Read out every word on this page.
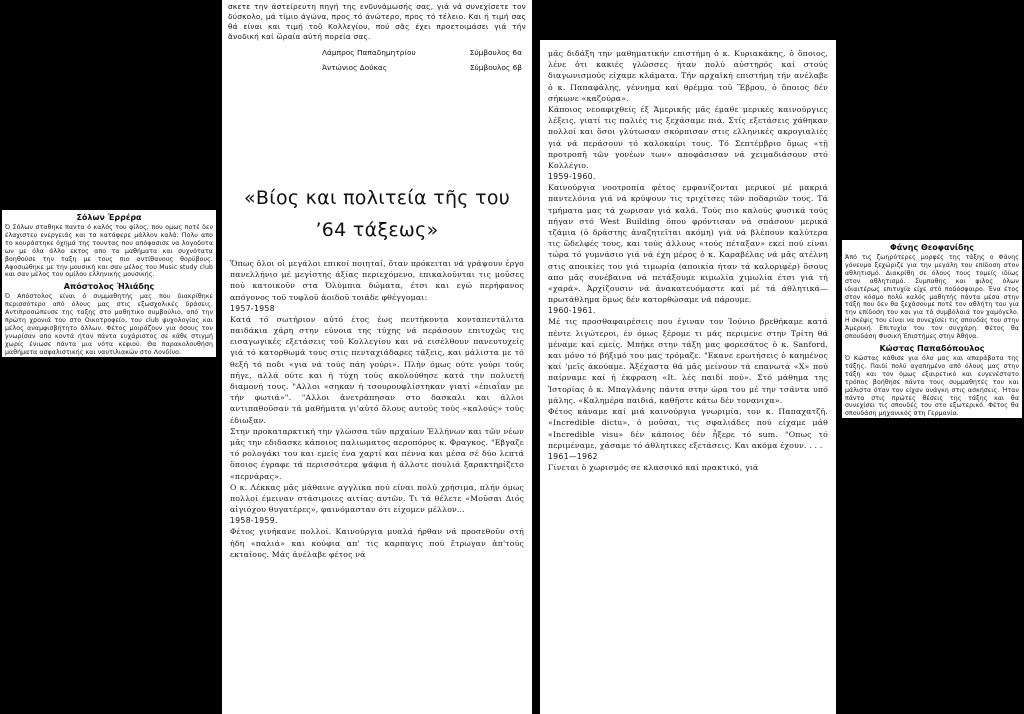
Σόλων Έρρέρα
Ό Σόλων σταθηκε παντα ό καλός του φίλος, που ομως ποτέ δεν έλαχιστευ ενεργειάς και τα κατάφερε μάλλον καλά. Πολυ απο το κουράστηκε όχημά της τουντας που απόφασισε να λογοδοτα ων με όλα άλλο εκτος απο τα μαθήματα και συχνότατα βοηθούσε την ταξη με τους πιο αντίθανους θορύβους. Αφοσιώθηκε με την μουσική και σαν μέλος του Music study club και σαν μέλος του ομίλου ελληνικής μουσικής.
Απόστολος Ήλιάδης
Ό Απόστολος είναι ό συμμαθητής μας που διακρίθηκε περισσότερο από όλους μας στις εξωσχολικές δράσεις. Αντιπροσώπευσε της ταξης στο μαθητικο συμβούλιο, από την πρώτη χρονιά του στο Οικοτροφείο, του club ψυχολογίας και μέλος αναμφισβήτητο άλλων. Φέτος μοιράζουν για όσους τον γνωρίσαν απο κοντά ήταν πάντα ευχάριστος σε κάθε στιγμή χωρίς ένιωσε πάντα μια νότα κεφιού. Θα παρακολουθήση μαθήματα ασφαλιστικής και ναυτιλιακών στο Λονδίνο.
σκετε την άστείρευτη πηγή της ενδυνάμωσής σας, γιά νά συνεχίσετε τον δύσκολο, μά τίμιο άγώνα, προς τό άνώτερο, προς τό τέλειο. Και ή τιμή σας θά είναι και τιμή τοῦ Κολλεγίου, πού σᾶς έχει προετοιμάσει γιά τήν ἄνοδική καί ὥραία αὐτή πορεία σας.
Λάμπρος Παπαδημητρίου	Σύμβουλος 6α
Ἀντώνιος Δούκας	Σύμβουλος 6β
«Βίος και πολιτεία τῆς του
’64 τάξεως»
Ὅπως ὅλοι οἱ μεγάλοι επικοί ποιηταί, ὅταν πρόκειται νά γράψουν έργο πανελλήνιο μέ μεγίστης άξίας περιεχόμενο, επικαλοῦνται τις μοῦσες πού κατοικοῦν στα Ὀλύμπια δώματα, έτσι και εγώ περήφανος απόγονος τοῦ τυφλοῦ ἀοιδοῦ τοιάδε φθέγγομαι:
1957-1958
Κατά τό σωτήριον αὐτό έτος έως πεντήκοντα κονταπεντάλιτα παιδάκια χάρη στην εύνοια της τύχης νά περάσουν επιτυχῶς τις εισαγωγικές εξετάσεις τοῦ Κολλεγίου και νά εισέλθουν πανευτυχείς γιά τό κατορθωμά τους στις πενταχιάδαρες τάξεις, και μάλιστα με τό θεξῆ τό ποδι «για νά τούς πάη γούρι». Πλήν όμως ούτε γούρι τούς πήγε, αλλά ούτε και ή τύχη τούς ακολούθησε κατά την πολυετή διαμονή τους. "Αλλοι «σηκαν ή τσουρουφλίστηκαν γιατί «έπιαΐαν με τήν φωτιά»". "Αλλοι ἀνετράπησαν στο δασκαλι και άλλοι αντιπαθοῦσαν τά μαθήματα γι'αὐτό ὅλους αυτούς τούς «καλούς» τούς έδιωξαν.
Στην προκαταρκτική την γλώσσα τῶν αρχαίων Ἑλλήνων και τῶν νέων μᾶς την εδιδασκε κάποιος παλιωματος αεροπόρος κ. Φραγκος. "Εβγαζε τό ρολογάκι του και εμείς ένα χαρτί και πέννα και μέσα σέ δύο λεπτά ὅποιος έγραφε τά περισσότερα ψάφια ή άλλοτε πουλιά ξαρακτηρίζετο «περνάρας».
Ο κ. Λέκκας μᾶς μάθαινε αγγλικα πού είναι πολύ χρήσιμα, πλήν όμως πολλοί έμειναν στάσιμοιες αιτίας αυτῶν. Τι τά θέλετε «Μοῦσαι Διός αἰγιόχου θυγατέρες», φαινόμασταν ότι είχομεν μέλλον...
1958-1959.
Φέτος γινήκανε πολλοί. Καινούργια μυαλά ήρθαν νά προσεθοῦν στή ήδη «παλιά» και κούφια απ' τις καρπαγις πού ἔτρωγαν ἀπ'τούς εκταίους. Μάς ἀνέλαβε φέτος νά
μᾶς διδάξη την μαθηματικήν επιστήμη ὁ κ. Κυριακάκης, ὁ ὅποιος, λένε ὁτι κακιές γλῶσσες ήταν πολύ αὐστηρός καί στούς διαγωνισμούς είχαμε κλάματα. Τήν αρχαϊκή επιστήμη τήν ανέλαβε ὁ κ. Παπαφάλης, γέννημα καί θρέμμα τοῦ Ἕβρου, ὁ ὅποιος δέν σήκωνε «καζούρα».
Κάποιος νεοαφιχθείς έξ Ἀμερικῆς μᾶς έμαθε μερικές καινούργιες λέξεις, γιατί τις παλιές τις ξεχάσαμε πιά. Στίς εξετάσεις χάθηκαν πολλοί και ὅσοι γλύτωσαν σκόρπισαν στις ελληνικές ακρογιαλιές γιά νά περάσουν τό καλοκαίρι τους. Τό Σεπτέμβριο ὅμως «τῇ προτροπῆ τῶν γονέων των» αποφάσισαν νά χειμαδιάσουν στό Κολλέγιο.
1959-1960.
Καινούργια νοοτροπία φέτος εμφανίζονται μερικοί μέ μακριά παντελόνια γιά νά κρύψουν τις τριχίτσες τῶν ποδαριῶν τους. Τά τμήματα μας τά χωρισαν γιά καλά. Τούς πιο καλούς φυσικά τούς πήγαν στό West Building όπου φρόντισαν νά σπάσουν μερικά τζάμια (ὁ δράστης ἀναζητεῖται ακόμη) γιά νά βλέπουν καλύτερα τις ὥδελφές τους, και τούς άλλους «τούς πέταξαν» εκεί πού είναι τώρα τό γυμνάσιο γιά νά έχη μέρος ὁ κ. Καραβέλας νά μᾶς ατέλνη στις αποικίες του γιά τιμωρία (αποικία ήταν τά καλοριφέρ) ὅσους απο μᾶς συνέβαινα νά πετάξουμε κιμωλία χιμωλία έτσι γιά τή «χαρά». Ἀρχίζουσιν νά ἀνακατευόμαστε καί μέ τά άθλητικά—πρωτάθλημα ὅμως δέν κατορθώσαμε νά πάρουμε.
1960-1961.
Μέ τις προσθαφαιρέσεις που έγιναν τον Ἰούνιο βρεθήκαμε κατά πέντε λιγώτεροι, έν όμως ξέρομε τι μάς περιμενε στην Τρίτη θά μέναμε καί εμείς. Μπήκε στην τάξη μας φορεσάτος ὁ κ. Sanford, και μόνο τό βήξιμό του μας τρόμαζε. "Εκανε ερωτήσεις ὁ καημένος καί 'μεῖς άκούαμε. Ἀξέχαστα θά μᾶς μείνουν τά επανωτά «Χ» πού παίρναμε καί ή έκφραση «Ιt. λές παιδί πού». Στό μάθημα της Ἱστορίας ὁ κ. Μπαγλάνης πάντα στην ώρα του μέ την τσάντα υπό μάλης. «Καλημέρα παιδιά, καθῆστε κάτω δέν τονανιχα».
Φέτος κάναμε καί μιά καινούργια γνωριμία, τον κ. Παπαχατζῆ. «Incredible dictu», ὁ μοῦσαι, τις σφαλιάδες πού είχαμε μάθ «Incredible visu» δέν κάποιος δέν ἦξερε τό sum. "Οπως τό περιμέναμε, χάσαμε τό άθλητικες εξετάσεις. Και ακόμα έχουν. . . .
1961—1962
Γίνεται ὁ χωρισμός σε κλασσικό καί πρακτικό, γιά
Φάνης Θεοφανίδης
Ἀπό τις ζωηρότερες μορφές της τάξης ο Φάνης γόνευμα ξεχώριζε για την μεγάλη του επίδοση στον αθλητισμό. Διακρίθη σε όλους τους τομείς ιδίως στον αθλητισμό. Συμπαθης και φιλος όλων ιδιαιτέρως επιτυχία είχε στό ποδόσφαιρο. Ένα έτος στον κόσμο πολύ καλός μαθητής πάντα μέσα στην τάξη που δεν θα ξεχάσουμε ποτέ τον αθλήτη του για την επίδοση του και για τά συμβόλαιά τον χαμόγελο. Η σκέψις του είναι να συνεχίσει τις σπουδάς του στην Ἀμερική. Επιτυχία του τον συγχάρη. Φέτος θα σπουδάση Φυσική Ἐπιστήμες στην Ἀθήνα.
Κώστας Παπαδόπουλος
Ό Κώστας κάθισε για όλο μας και απαράβατα της τάξης. Παιδί πολύ αγαπημένο από όλους μας στην τάξη και τον όμως εξαιρετικό και ευγενέστατο τρόπος βοήθησε πάντα τους συμμαθητές του και μάλιστα όταν τον είχαν ανάγκη στις ασκήσεις. Ήταν πάντα στις πρώτες θέσεις της τάξης και θα συνεχίσει τις σπουδές του στο εξωτερικό. Φέτος θα σπουδάση μηχανικός στη Γερμανία.
